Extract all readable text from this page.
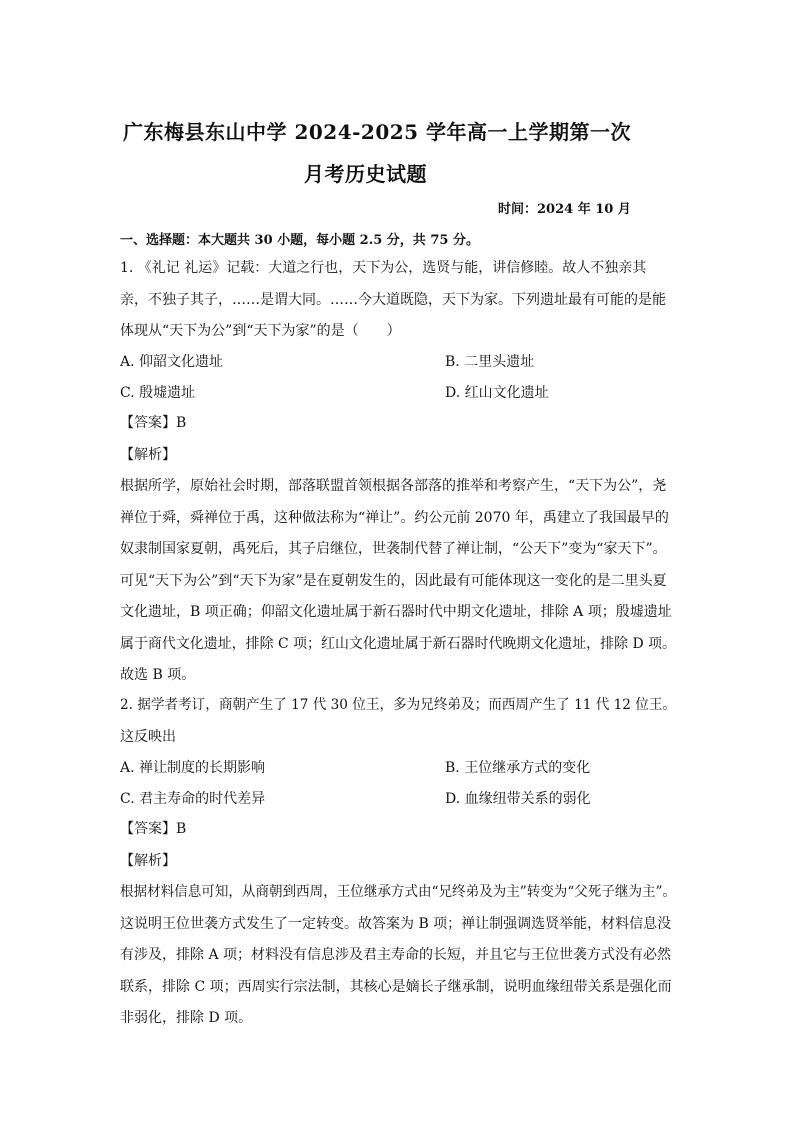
广东梅县东山中学 2024-2025 学年高一上学期第一次
月考历史试题
时间：2024 年 10 月
一、选择题：本大题共 30 小题，每小题 2.5 分，共 75 分。
1. 《礼记 礼运》记载：大道之行也，天下为公，选贤与能，讲信修睦。故人不独亲其
亲，不独子其子，……是谓大同。……今大道既隐，天下为家。下列遗址最有可能的是能
体现从“天下为公”到“天下为家”的是（　　）
A. 仰韶文化遗址	B. 二里头遗址
C. 殷墟遗址	D. 红山文化遗址
【答案】B
【解析】
根据所学，原始社会时期，部落联盟首领根据各部落的推举和考察产生，“天下为公”，尧
禅位于舜，舜禅位于禹，这种做法称为“禅让”。约公元前 2070 年，禹建立了我国最早的
奴隶制国家夏朝，禹死后，其子启继位，世袭制代替了禅让制，“公天下”变为“家天下”。
可见“天下为公”到“天下为家”是在夏朝发生的，因此最有可能体现这一变化的是二里头夏
文化遗址，B 项正确；仰韶文化遗址属于新石器时代中期文化遗址，排除 A 项；殷墟遗址
属于商代文化遗址，排除 C 项；红山文化遗址属于新石器时代晚期文化遗址，排除 D 项。
故选 B 项。
2. 据学者考订，商朝产生了 17 代 30 位王，多为兄终弟及；而西周产生了 11 代 12 位王。
这反映出
A. 禅让制度的长期影响	B. 王位继承方式的变化
C. 君主寿命的时代差异	D. 血缘纽带关系的弱化
【答案】B
【解析】
根据材料信息可知，从商朝到西周，王位继承方式由“兄终弟及为主”转变为“父死子继为主”。
这说明王位世袭方式发生了一定转变。故答案为 B 项；禅让制强调选贤举能，材料信息没
有涉及，排除 A 项；材料没有信息涉及君主寿命的长短，并且它与王位世袭方式没有必然
联系，排除 C 项；西周实行宗法制，其核心是嫡长子继承制，说明血缘纽带关系是强化而
非弱化，排除 D 项。
